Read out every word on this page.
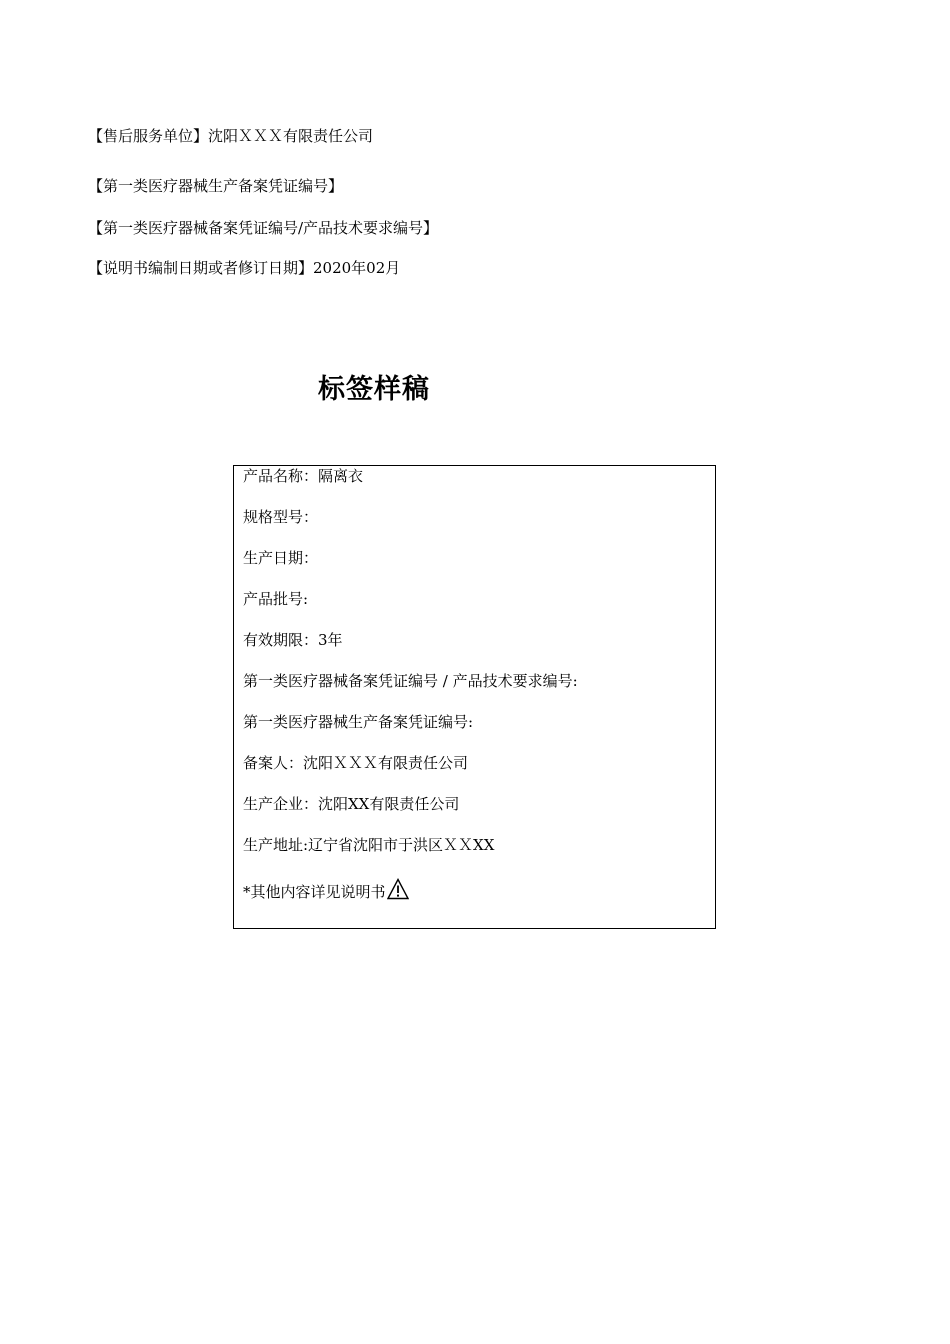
【售后服务单位】沈阳ＸＸＸ有限责任公司
【第一类医疗器械生产备案凭证编号】
【第一类医疗器械备案凭证编号/产品技术要求编号】
【说明书编制日期或者修订日期】2020年02月
标签样稿
产品名称：隔离衣
规格型号：
生产日期：
产品批号:
有效期限：3年
第一类医疗器械备案凭证编号 / 产品技术要求编号:
第一类医疗器械生产备案凭证编号:
备案人：沈阳ＸＸＸ有限责任公司
生产企业：沈阳XX有限责任公司
生产地址:辽宁省沈阳市于洪区ＸＸXX
*其他内容详见说明书
